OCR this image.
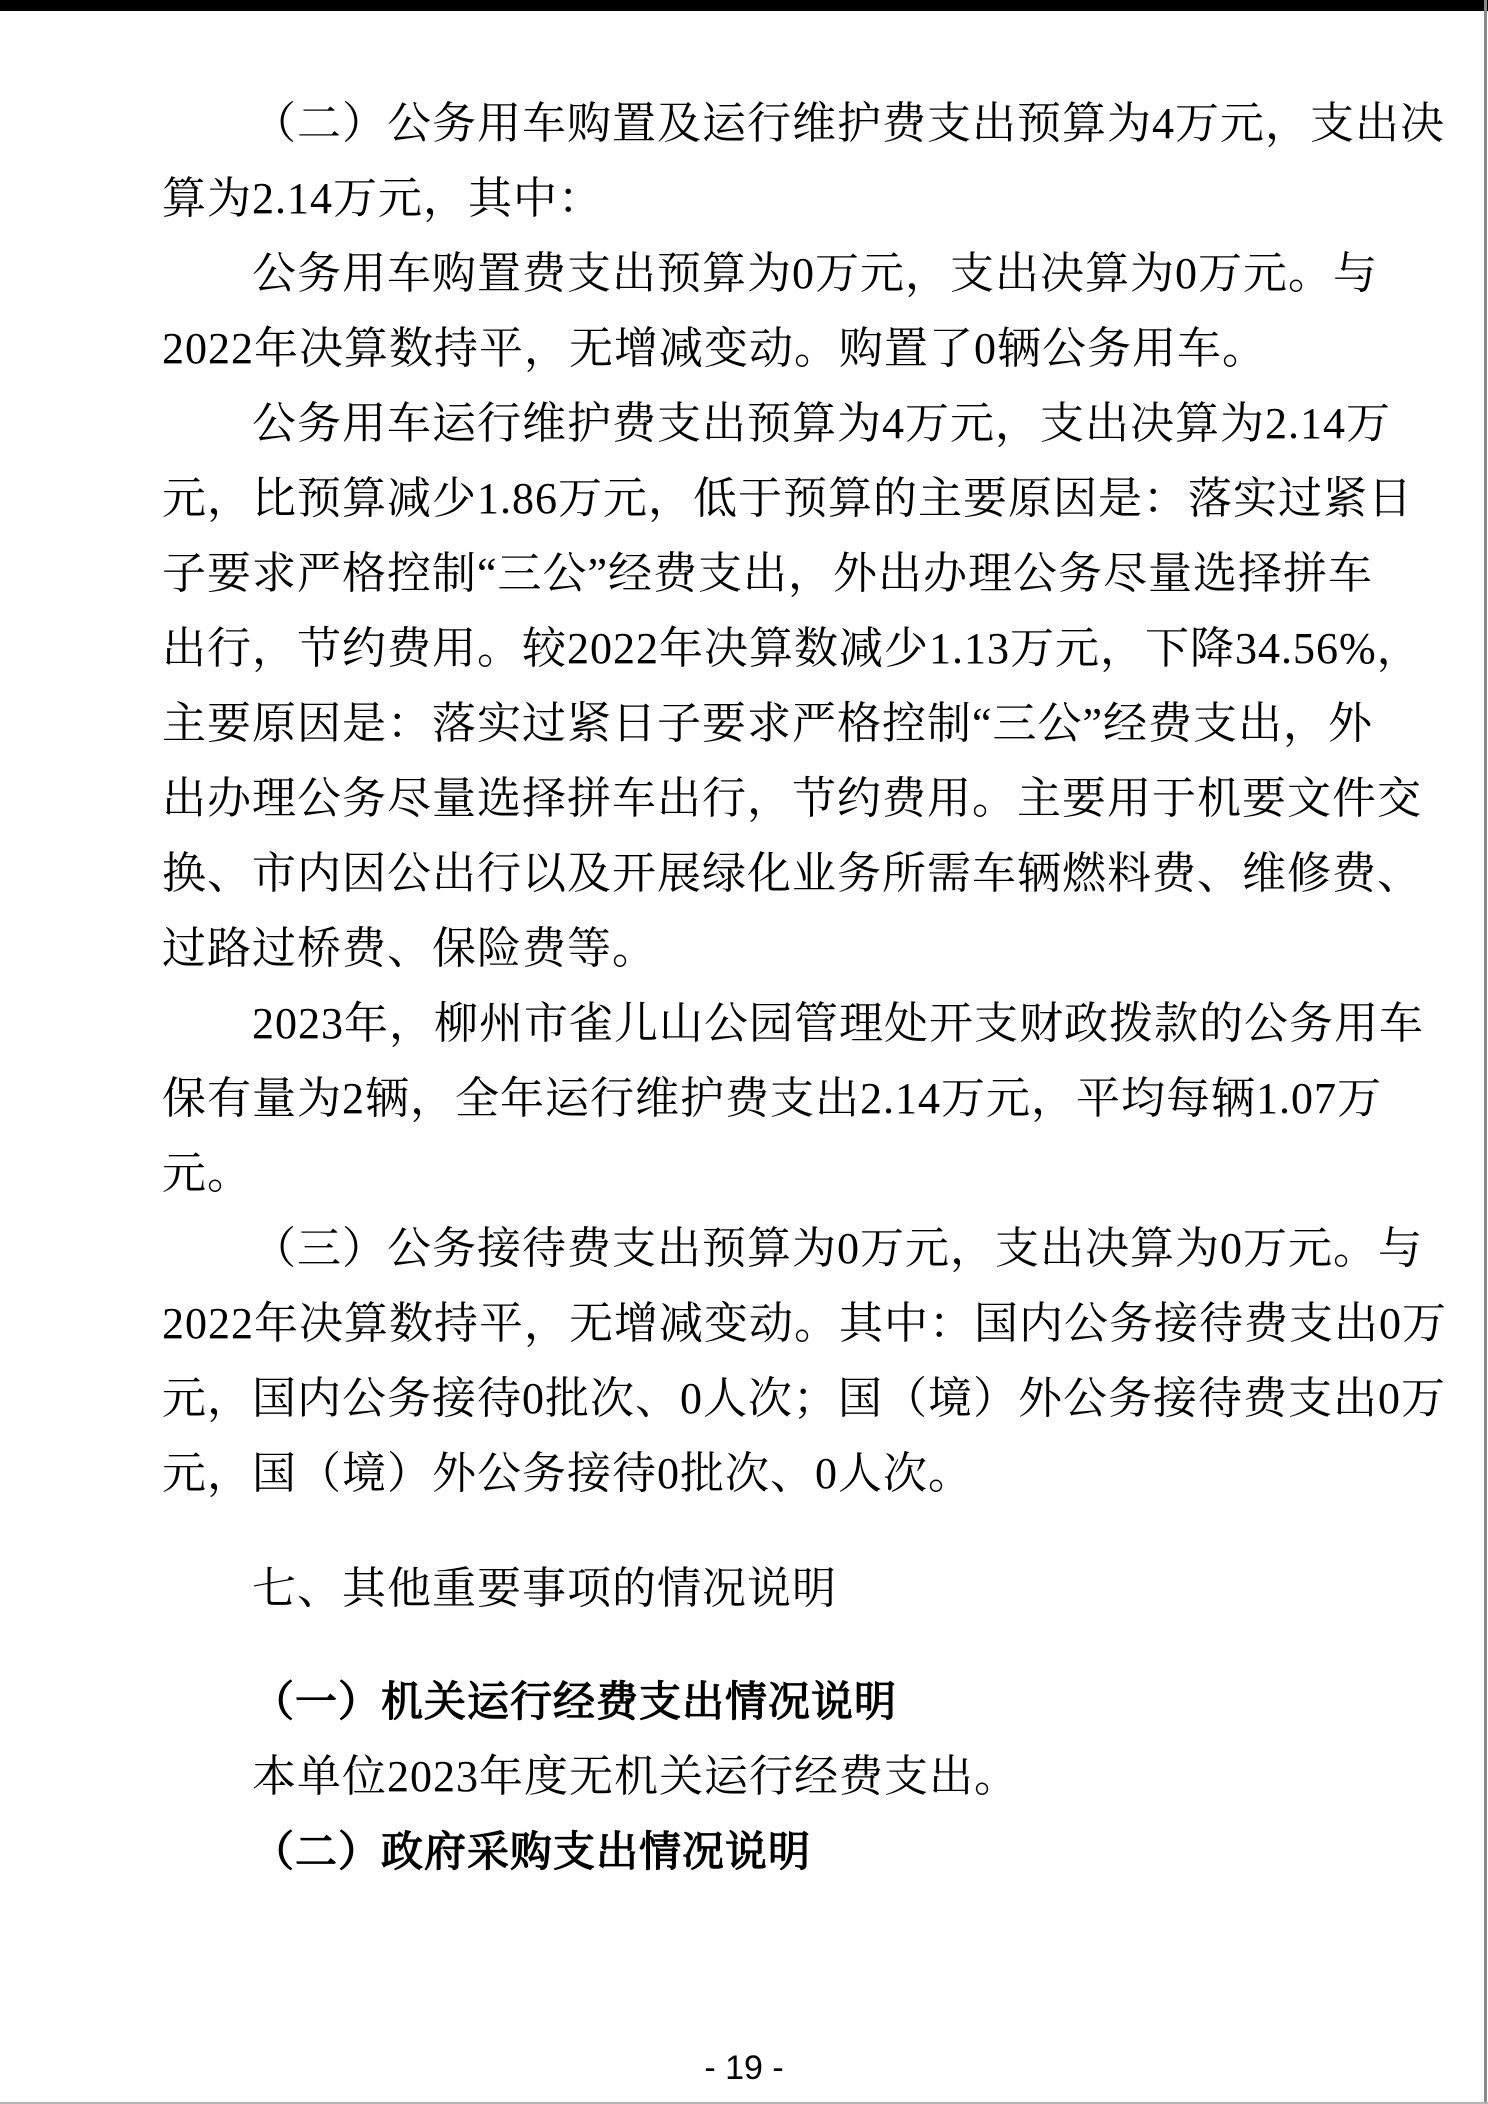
（二）公务用车购置及运行维护费支出预算为4万元，支出决
算为2.14万元，其中：
公务用车购置费支出预算为0万元，支出决算为0万元。与
2022年决算数持平，无增减变动。购置了0辆公务用车。
公务用车运行维护费支出预算为4万元，支出决算为2.14万
元，比预算减少1.86万元，低于预算的主要原因是：落实过紧日
子要求严格控制“三公”经费支出，外出办理公务尽量选择拼车
出行，节约费用。较2022年决算数减少1.13万元，下降34.56%，
主要原因是：落实过紧日子要求严格控制“三公”经费支出，外
出办理公务尽量选择拼车出行，节约费用。主要用于机要文件交
换、市内因公出行以及开展绿化业务所需车辆燃料费、维修费、
过路过桥费、保险费等。
2023年，柳州市雀儿山公园管理处开支财政拨款的公务用车
保有量为2辆，全年运行维护费支出2.14万元，平均每辆1.07万
元。
（三）公务接待费支出预算为0万元，支出决算为0万元。与
2022年决算数持平，无增减变动。其中：国内公务接待费支出0万
元，国内公务接待0批次、0人次；国（境）外公务接待费支出0万
元，国（境）外公务接待0批次、0人次。
七、其他重要事项的情况说明
（一）机关运行经费支出情况说明
本单位2023年度无机关运行经费支出。
（二）政府采购支出情况说明
- 19 -
